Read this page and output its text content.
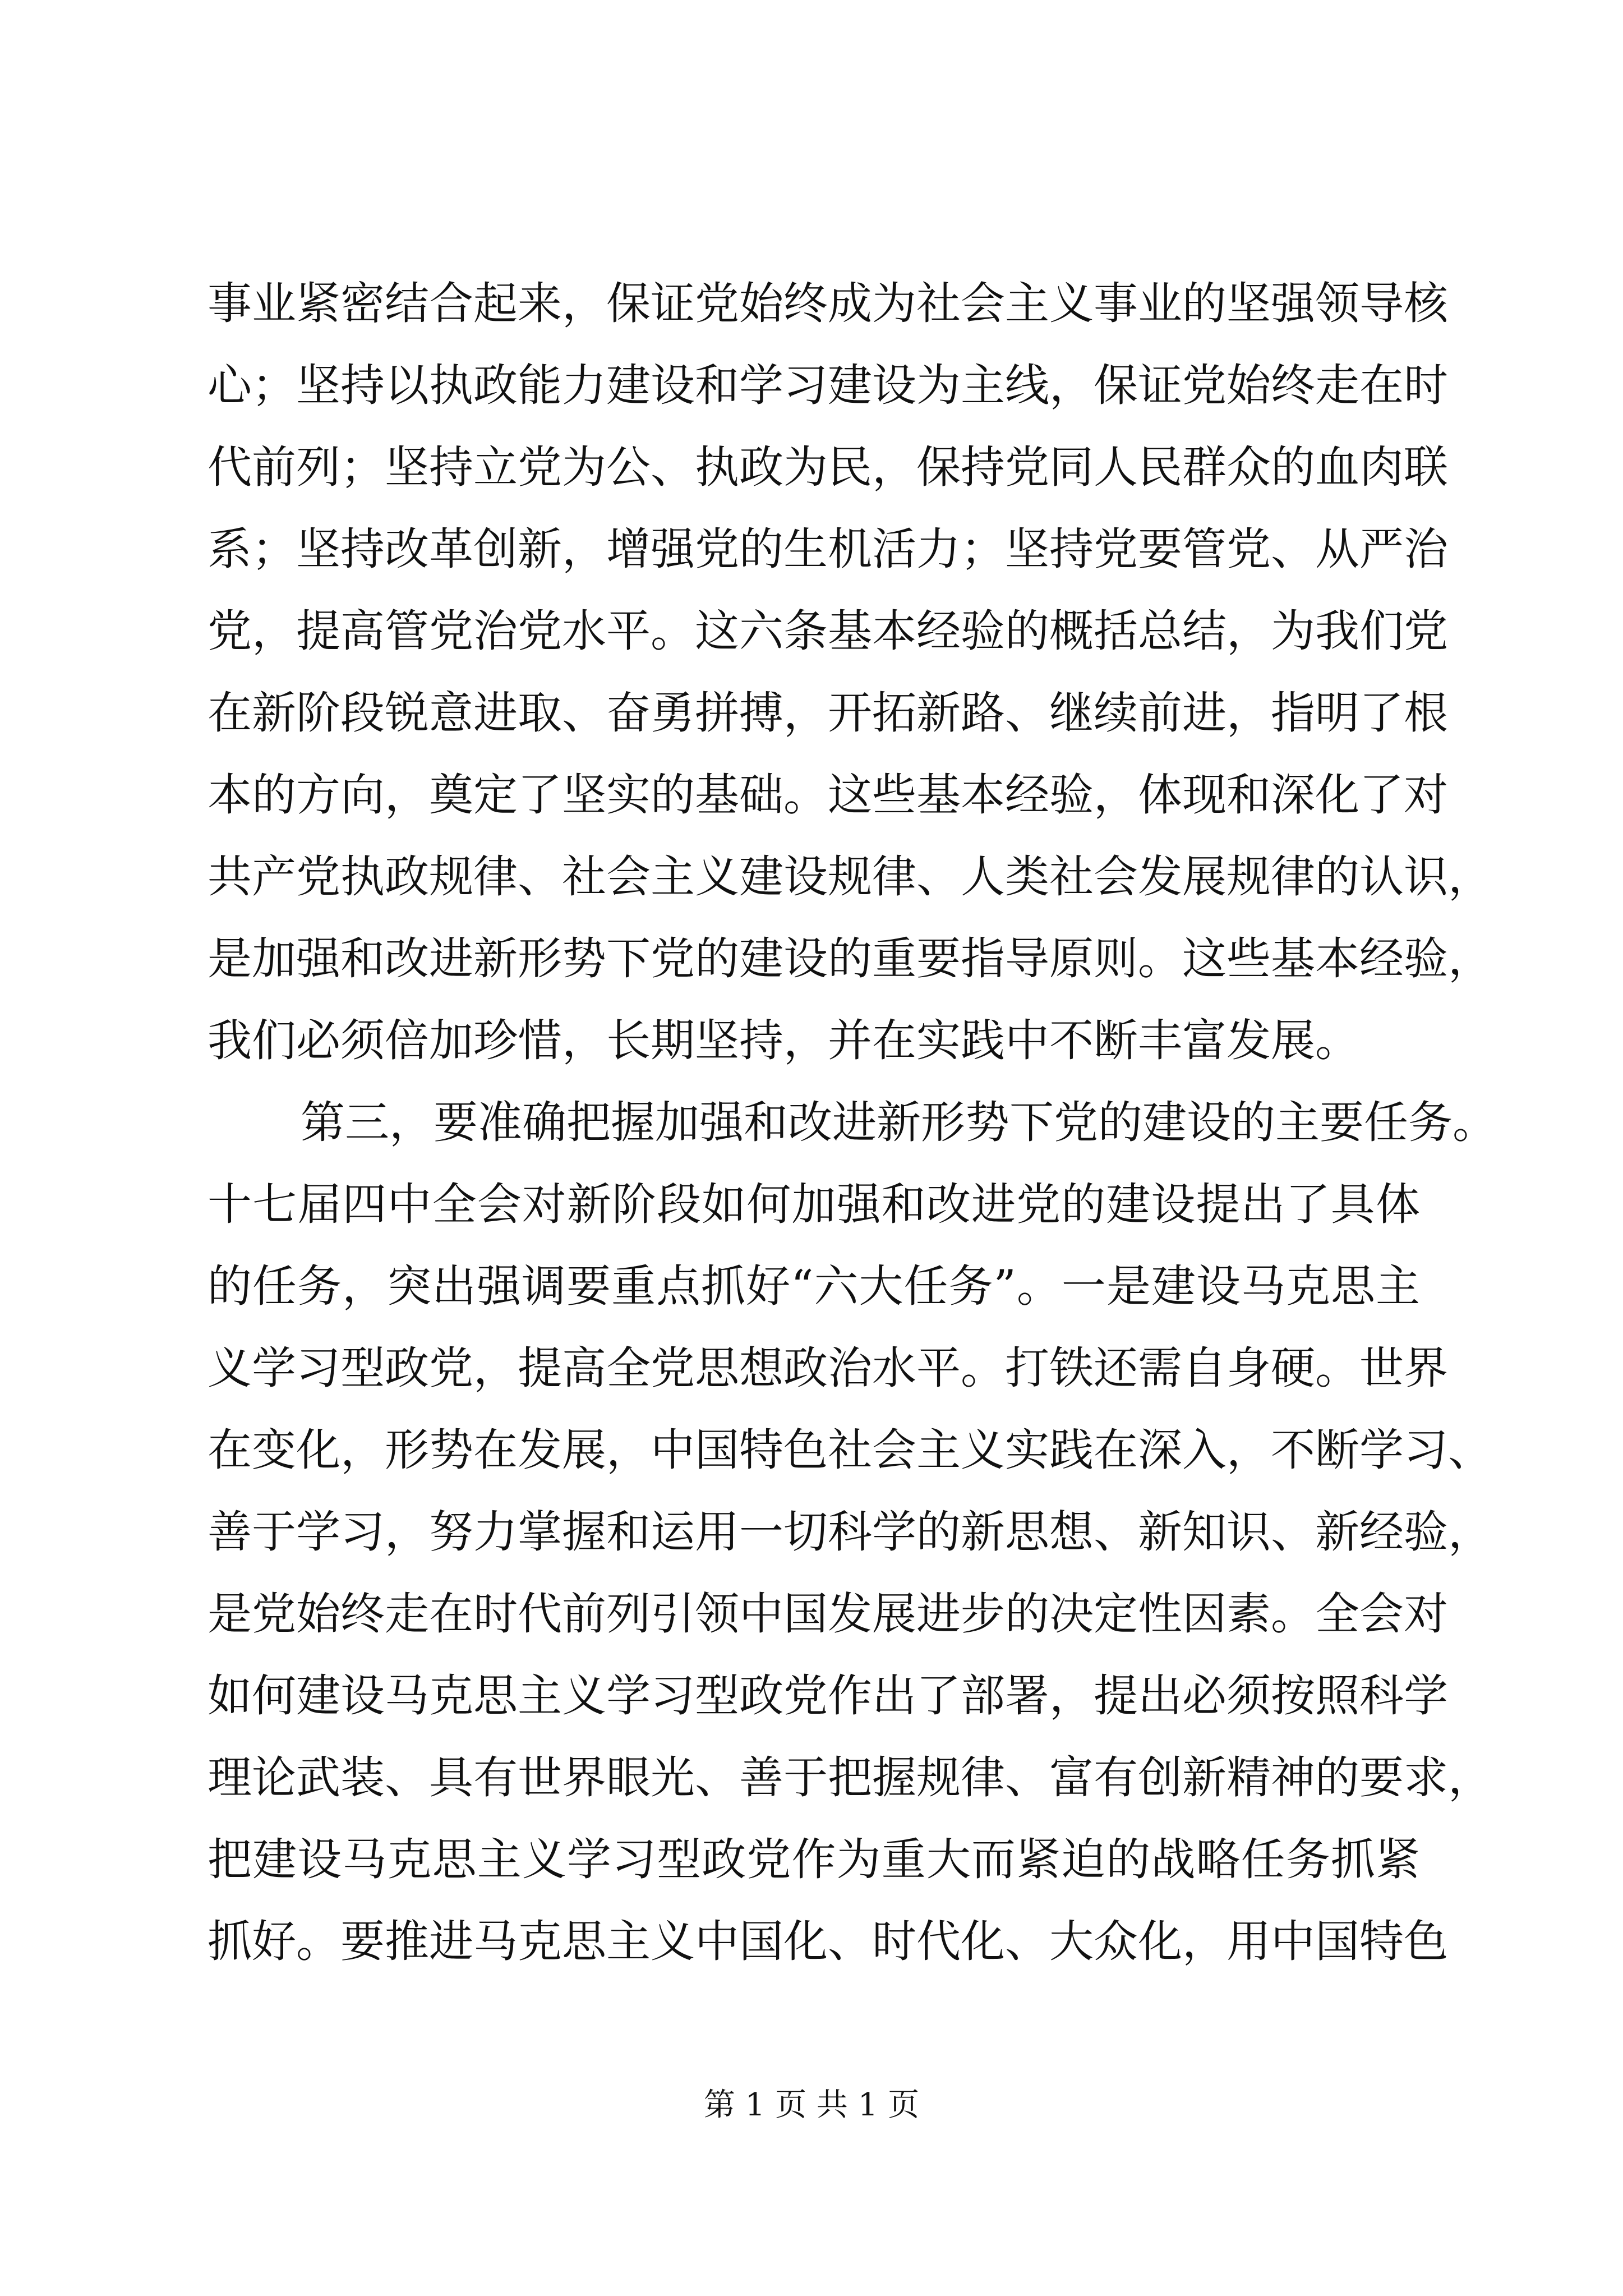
事业紧密结合起来，保证党始终成为社会主义事业的坚强领导核
心；坚持以执政能力建设和学习建设为主线，保证党始终走在时
代前列；坚持立党为公、执政为民，保持党同人民群众的血肉联
系；坚持改革创新，增强党的生机活力；坚持党要管党、从严治
党，提高管党治党水平。这六条基本经验的概括总结，为我们党
在新阶段锐意进取、奋勇拼搏，开拓新路、继续前进，指明了根
本的方向，奠定了坚实的基础。这些基本经验，体现和深化了对
共产党执政规律、社会主义建设规律、人类社会发展规律的认识，
是加强和改进新形势下党的建设的重要指导原则。这些基本经验，
我们必须倍加珍惜，长期坚持，并在实践中不断丰富发展。
第三，要准确把握加强和改进新形势下党的建设的主要任务。
十七届四中全会对新阶段如何加强和改进党的建设提出了具体
的任务，突出强调要重点抓好“六大任务”。一是建设马克思主
义学习型政党，提高全党思想政治水平。打铁还需自身硬。世界
在变化，形势在发展，中国特色社会主义实践在深入，不断学习、
善于学习，努力掌握和运用一切科学的新思想、新知识、新经验，
是党始终走在时代前列引领中国发展进步的决定性因素。全会对
如何建设马克思主义学习型政党作出了部署，提出必须按照科学
理论武装、具有世界眼光、善于把握规律、富有创新精神的要求，
把建设马克思主义学习型政党作为重大而紧迫的战略任务抓紧
抓好。要推进马克思主义中国化、时代化、大众化，用中国特色
第 1 页 共 1 页
